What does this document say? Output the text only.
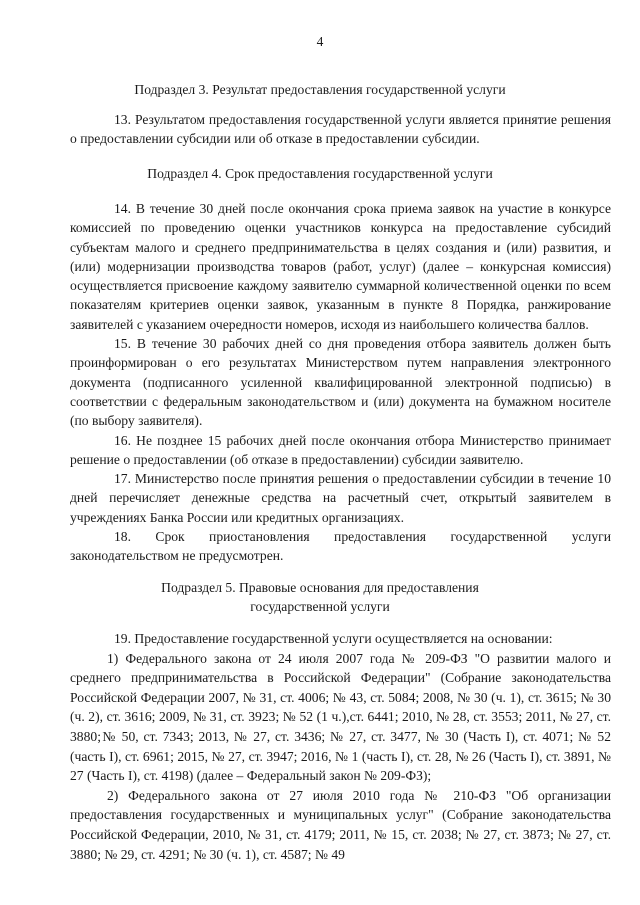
4
Подраздел 3. Результат предоставления государственной услуги

13. Результатом предоставления государственной услуги является принятие решения о предоставлении субсидии или об отказе в предоставлении субсидии.

Подраздел 4. Срок предоставления государственной услуги

14. В течение 30 дней после окончания срока приема заявок на участие в конкурсе комиссией по проведению оценки участников конкурса на предоставление субсидий субъектам малого и среднего предпринимательства в целях создания и (или) развития, и (или) модернизации производства товаров (работ, услуг) (далее – конкурсная комиссия) осуществляется присвоение каждому заявителю суммарной количественной оценки по всем показателям критериев оценки заявок, указанным в пункте 8 Порядка, ранжирование заявителей с указанием очередности номеров, исходя из наибольшего количества баллов.

15. В течение 30 рабочих дней со дня проведения отбора заявитель должен быть проинформирован о его результатах Министерством путем направления электронного документа (подписанного усиленной квалифицированной электронной подписью) в соответствии с федеральным законодательством и (или) документа на бумажном носителе (по выбору заявителя).

16. Не позднее 15 рабочих дней после окончания отбора Министерство принимает решение о предоставлении (об отказе в предоставлении) субсидии заявителю.

17. Министерство после принятия решения о предоставлении субсидии в течение 10 дней перечисляет денежные средства на расчетный счет, открытый заявителем в учреждениях Банка России или кредитных организациях.

18. Срок приостановления предоставления государственной услуги законодательством не предусмотрен.

Подраздел 5. Правовые основания для предоставления
государственной услуги

19. Предоставление государственной услуги осуществляется на основании:

1) Федерального закона от 24 июля 2007 года № 209-ФЗ "О развитии малого и среднего предпринимательства в Российской Федерации" (Собрание законодательства Российской Федерации 2007, № 31, ст. 4006; № 43, ст. 5084; 2008, № 30 (ч. 1), ст. 3615; № 30 (ч. 2), ст. 3616; 2009, № 31, ст. 3923; № 52 (1 ч.),ст. 6441; 2010, № 28, ст. 3553; 2011, № 27, ст. 3880;№ 50, ст. 7343; 2013, № 27, ст. 3436; № 27, ст. 3477, № 30 (Часть I), ст. 4071; № 52 (часть I), ст. 6961; 2015, № 27, ст. 3947; 2016, № 1 (часть I), ст. 28, № 26 (Часть I), ст. 3891, № 27 (Часть I), ст. 4198) (далее – Федеральный закон № 209-ФЗ);

2) Федерального закона от 27 июля 2010 года № 210-ФЗ "Об организации предоставления государственных и муниципальных услуг" (Собрание законодательства Российской Федерации, 2010, № 31, ст. 4179; 2011, № 15, ст. 2038; № 27, ст. 3873; № 27, ст. 3880; № 29, ст. 4291; № 30 (ч. 1), ст. 4587; № 49
